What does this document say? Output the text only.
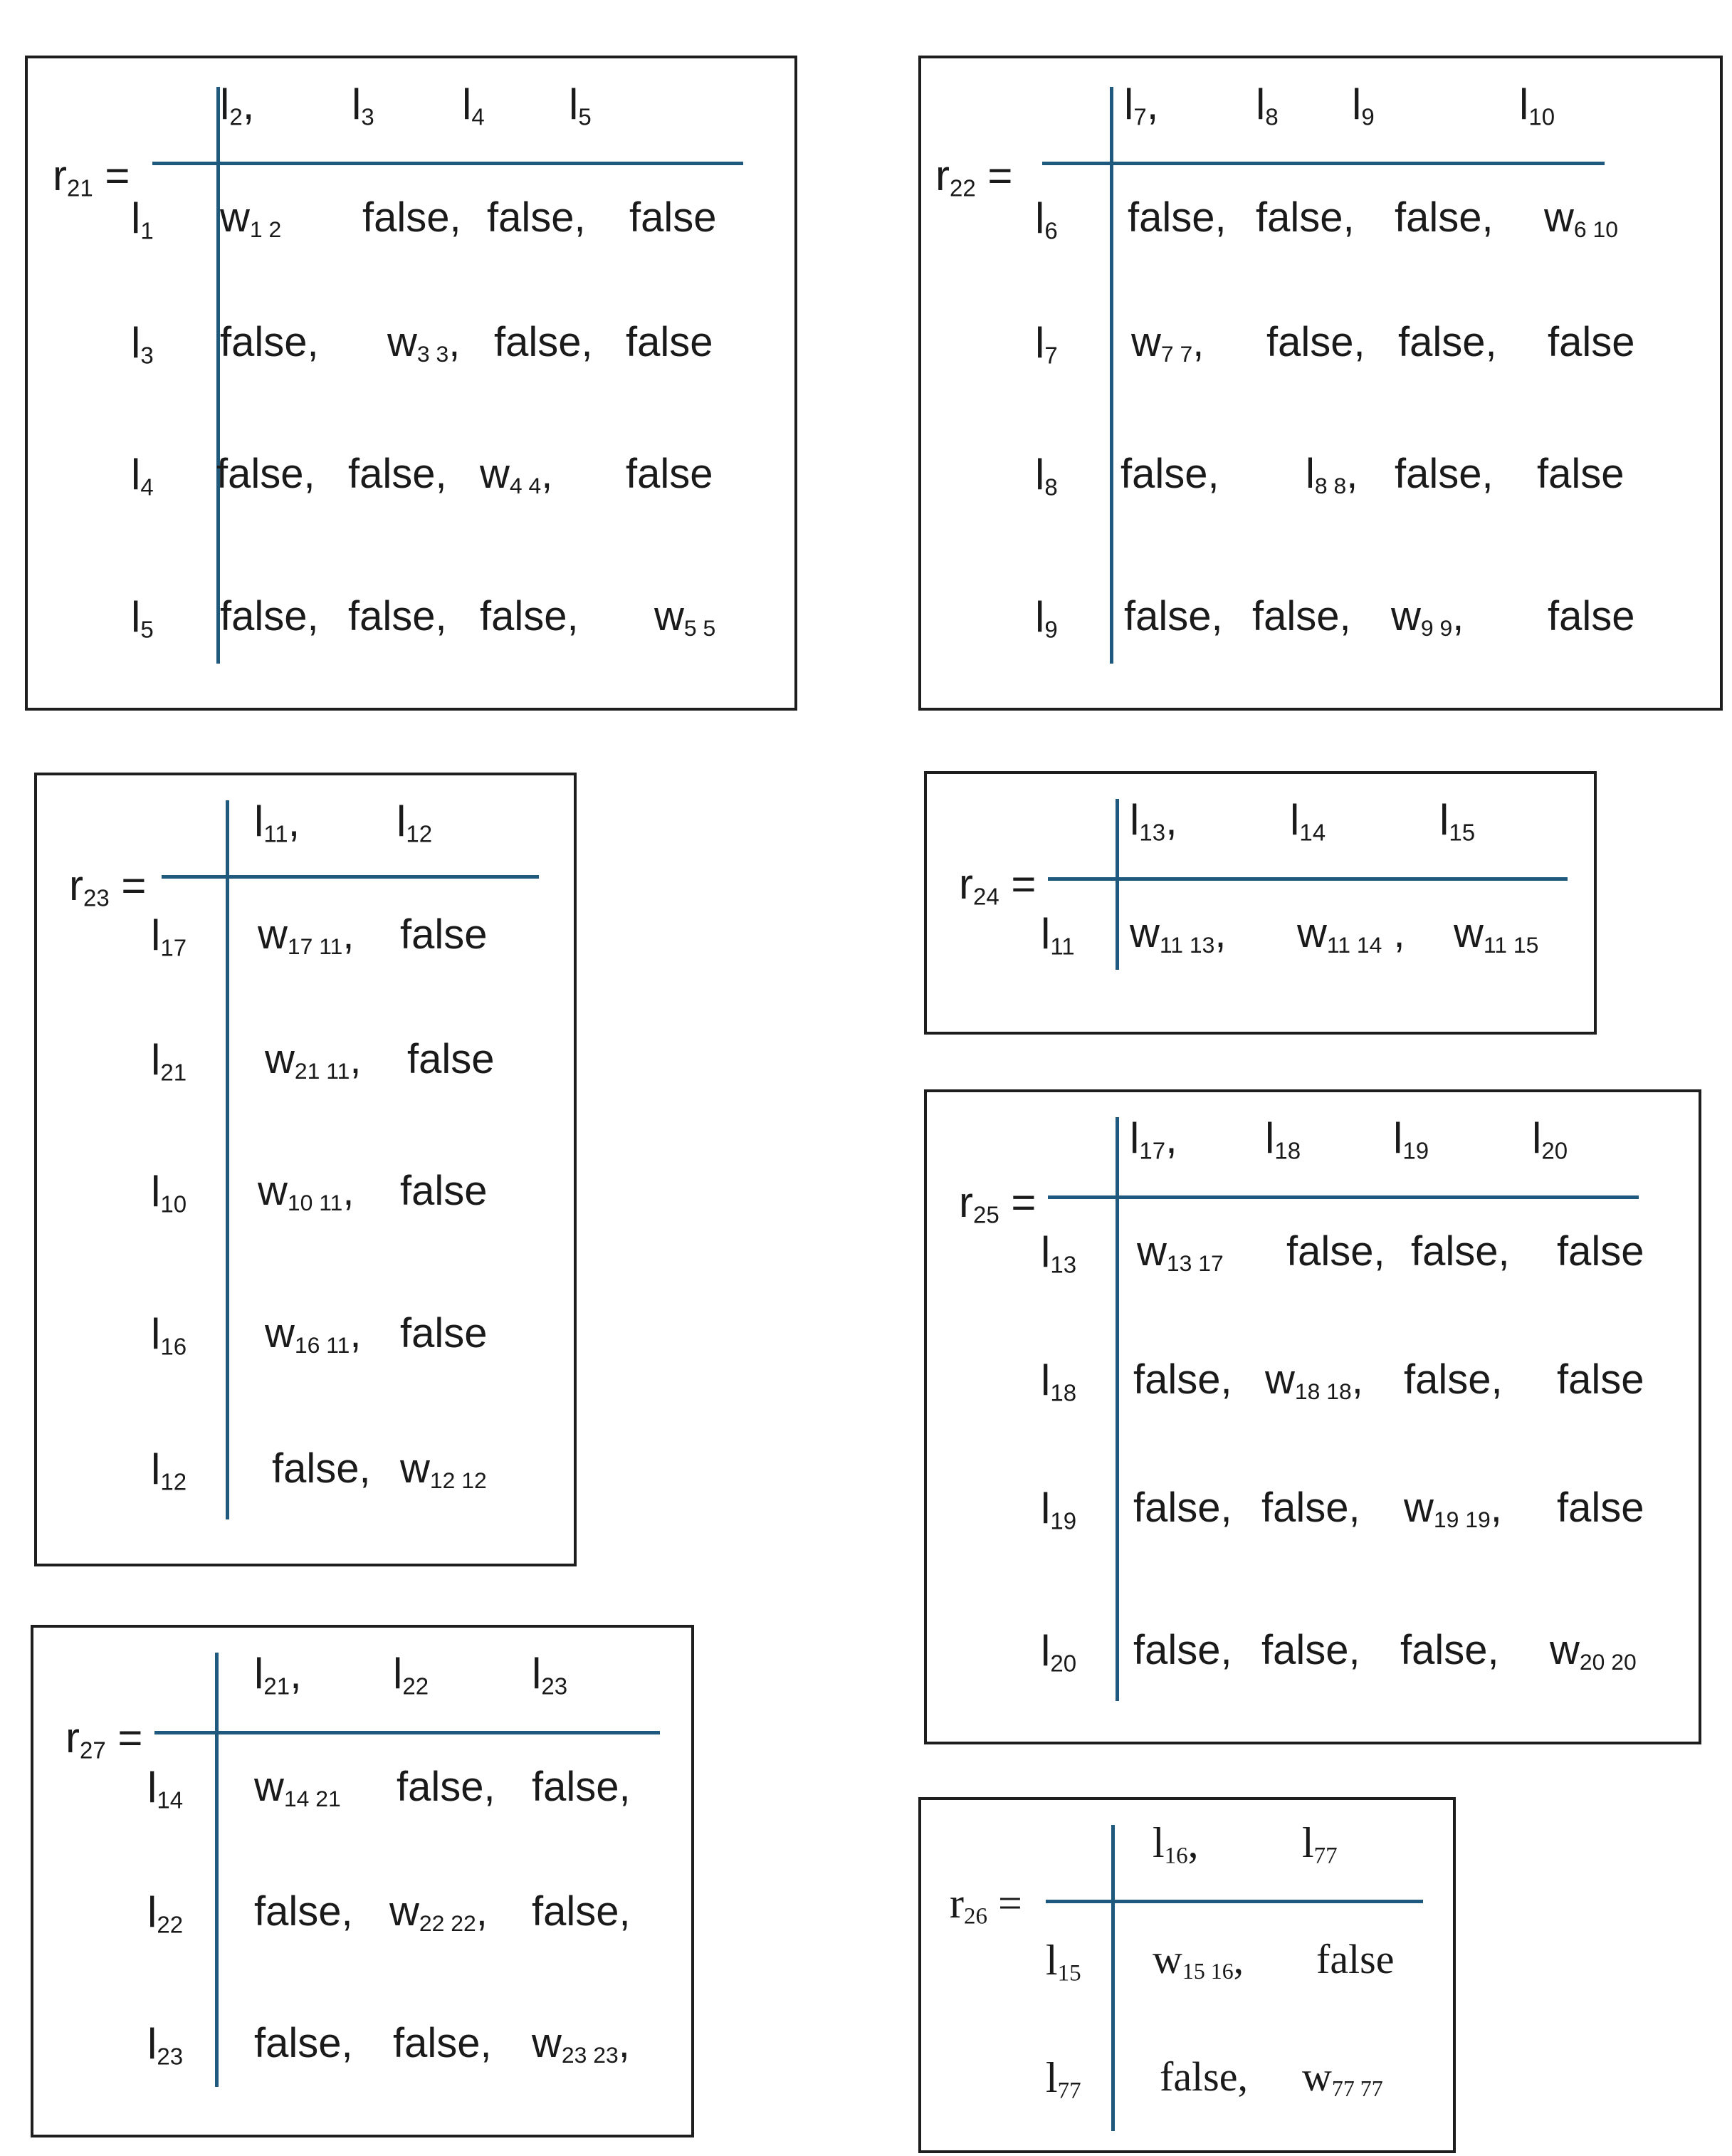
$r_{21}$ =
$l_2$, $l_3$ $l_4$ $l_5$
$l_1$ $w_{1 2}$ false, false, false
$l_3$ false, $w_{3 3}$, false, false
$l_4$ false, false, $w_{4 4}$, false
$l_5$ false, false, false, $w_{5 5}$
$r_{22}$ =
$l_7$, $l_8$ $l_9$	$l_{10}$
$l_6$ false, false, false, $w_{6 10}$
$l_7$ $w_{7 7}$, false, false, false
$l_8$ false, $l_{8 8}$, false, false
$l_9$ false, false, $w_{9 9}$, false
$r_{23}$ =
$l_{11}$, $l_{12}$
$l_{17}$ $w_{17 11}$, false
$l_{21}$ $w_{21 11}$, false
$l_{10}$ $w_{10 11}$, false
$l_{16}$ $w_{16 11}$, false
$l_{12}$ false, $w_{12 12}$
$r_{24}$ =
$l_{13}$,	$l_{14}$	$l_{15}$
$l_{11}$ $w_{11 13}$, $w_{11 14}$ , $w_{11 15}$
$r_{25}$ =
$l_{17}$, $l_{18}$ $l_{19}$ $l_{20}$
$l_{13}$ $w_{13 17}$ false, false, false
$l_{18}$ false, $w_{18 18}$, false, false
$l_{19}$ false, false, $w_{19 19}$, false
$l_{20}$ false, false, false, $w_{20 20}$
$r_{26}$ =
$l_{16}$, $l_{77}$
$l_{15}$ $w_{15 16}$, false
$l_{77}$ false, $w_{77 77}$
$r_{27}$ =
$l_{21}$, $l_{22}$ $l_{23}$
$l_{14}$ $w_{14 21}$ false, false,
$l_{22}$ false, $w_{22 22}$, false,
$l_{23}$ false, false, $w_{23 23}$,
